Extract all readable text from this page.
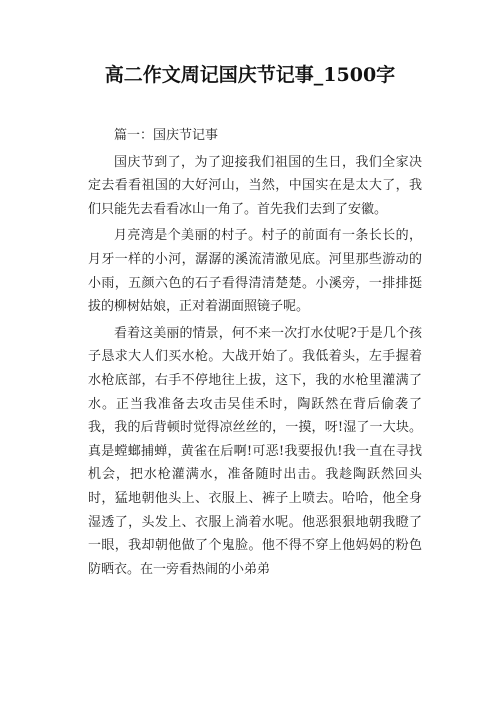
高二作文周记国庆节记事_1500字

篇一：国庆节记事

国庆节到了，为了迎接我们祖国的生日，我们全家决定去看看祖国的大好河山，当然，中国实在是太大了，我们只能先去看看冰山一角了。首先我们去到了安徽。

月亮湾是个美丽的村子。村子的前面有一条长长的，月牙一样的小河，潺潺的溪流清澈见底。河里那些游动的小雨，五颜六色的石子看得清清楚楚。小溪旁，一排排挺拔的柳树姑娘，正对着湖面照镜子呢。

看着这美丽的情景，何不来一次打水仗呢?于是几个孩子恳求大人们买水枪。大战开始了。我低着头，左手握着水枪底部，右手不停地往上拔，这下，我的水枪里灌满了水。正当我准备去攻击吴佳禾时，陶跃然在背后偷袭了我，我的后背顿时觉得凉丝丝的，一摸，呀!湿了一大块。真是螳螂捕蝉，黄雀在后啊!可恶!我要报仇!我一直在寻找机会，把水枪灌满水，准备随时出击。我趁陶跃然回头时，猛地朝他头上、衣服上、裤子上喷去。哈哈，他全身湿透了，头发上、衣服上淌着水呢。他恶狠狠地朝我瞪了一眼，我却朝他做了个鬼脸。他不得不穿上他妈妈的粉色防晒衣。在一旁看热闹的小弟弟
